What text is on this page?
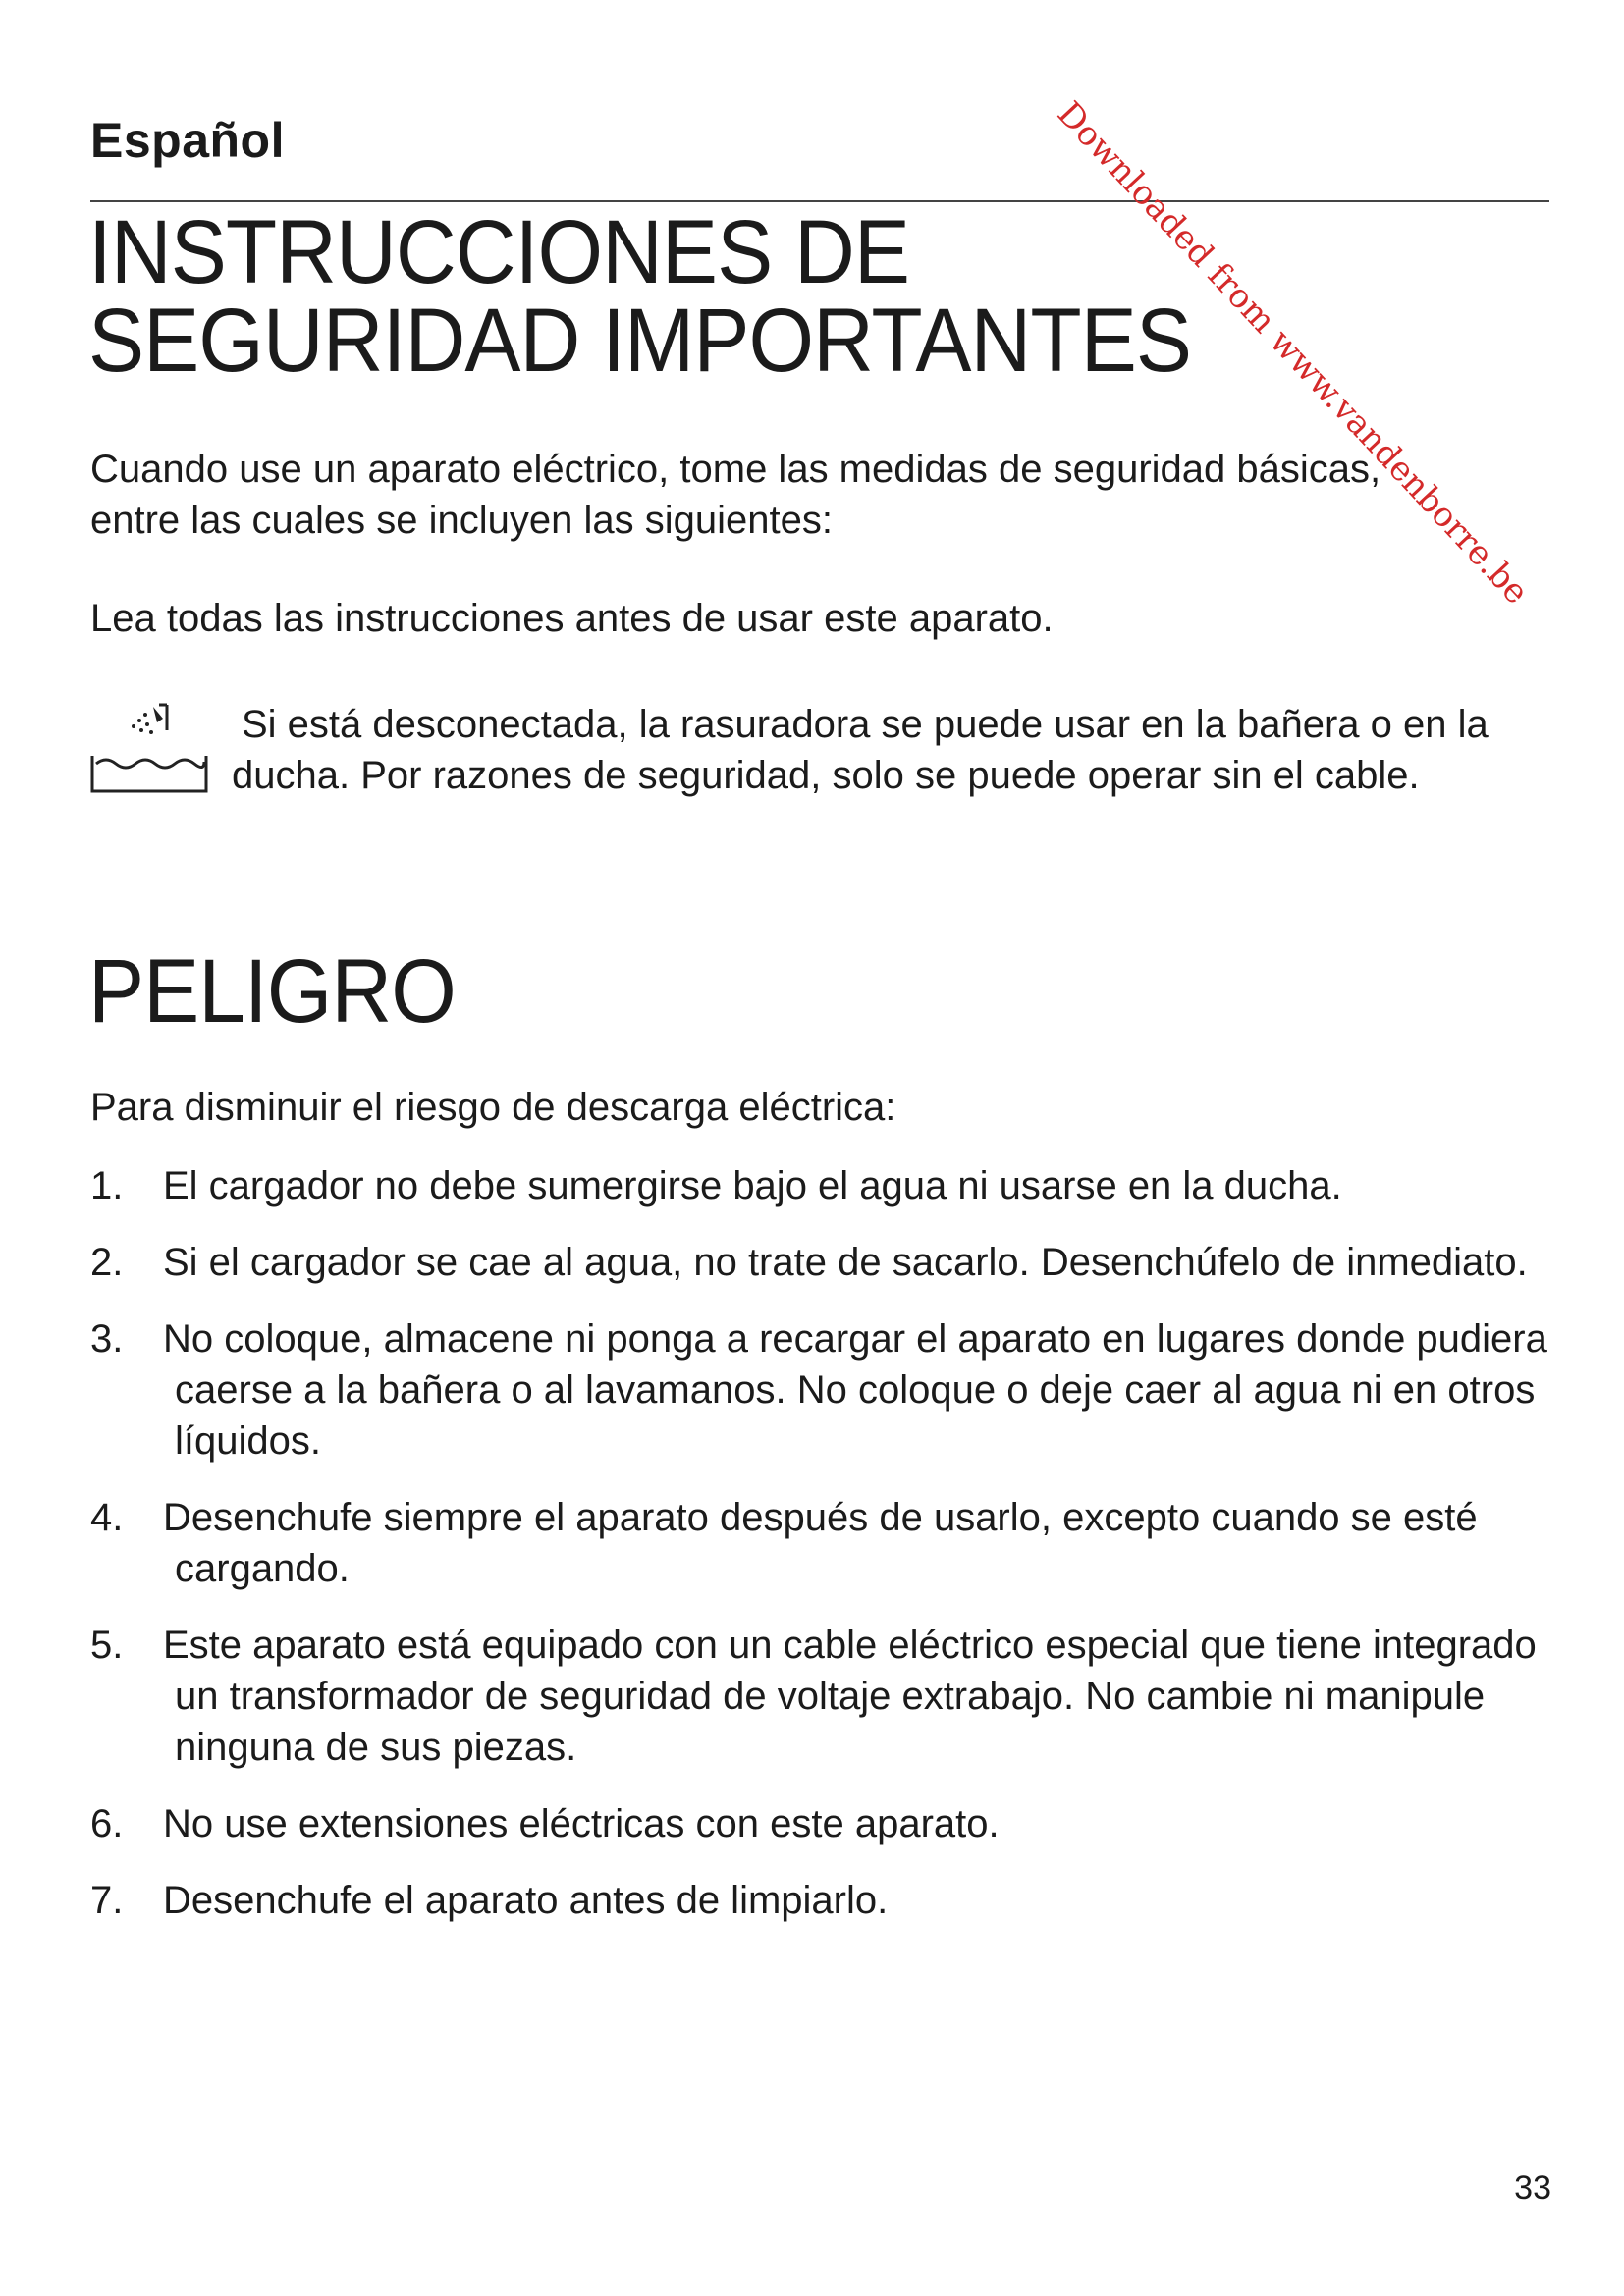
Español

INSTRUCCIONES DE SEGURIDAD IMPORTANTES

Cuando use un aparato eléctrico, tome las medidas de seguridad básicas, entre las cuales se incluyen las siguientes:

Lea todas las instrucciones antes de usar este aparato.

Si está desconectada, la rasuradora se puede usar en la bañera o en la ducha. Por razones de seguridad, solo se puede operar sin el cable.

PELIGRO

Para disminuir el riesgo de descarga eléctrica:

1. El cargador no debe sumergirse bajo el agua ni usarse en la ducha.
2. Si el cargador se cae al agua, no trate de sacarlo. Desenchúfelo de inmediato.
3. No coloque, almacene ni ponga a recargar el aparato en lugares donde pudiera caerse a la bañera o al lavamanos. No coloque o deje caer al agua ni en otros líquidos.
4. Desenchufe siempre el aparato después de usarlo, excepto cuando se esté cargando.
5. Este aparato está equipado con un cable eléctrico especial que tiene integrado un transformador de seguridad de voltaje extrabajo. No cambie ni manipule ninguna de sus piezas.
6. No use extensiones eléctricas con este aparato.
7. Desenchufe el aparato antes de limpiarlo.

Downloaded from www.vandenborre.be

33
